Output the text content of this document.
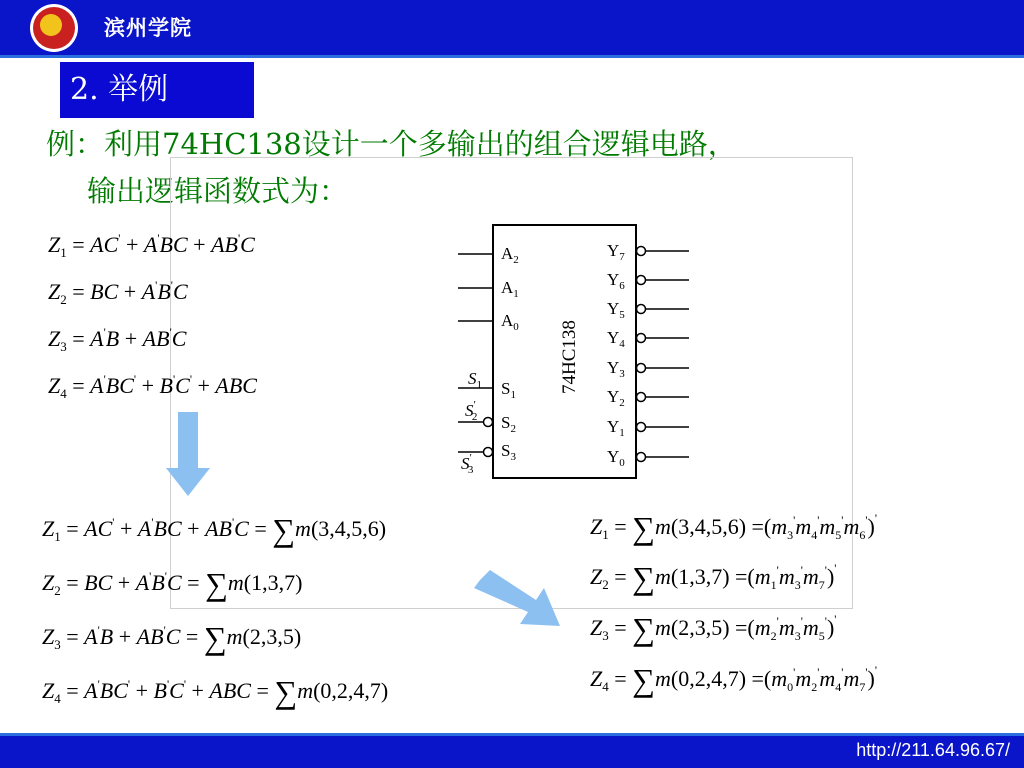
滨州学院
2. 举例
例：利用74HC138设计一个多输出的组合逻辑电路，
输出逻辑函数式为：
$Z_1 = AC' + A'BC + AB'C$
$Z_2$ = BC + A'B'C
$Z_3 = A'B + AB'C$
$Z_4 = A'BC' + B'C'$ + ABC
$A_2$
$A_1$
$A_0$
$S_1$
$S_2$
$S_3$
$Y_7$
$Y_6$
$Y_5$
$Y_4$
$Y_3$
$Y_2$
$Y_1$
$Y_0$
74HC138
$S_1$
S′ 2
S′ 3
$Z_1 = AC' + A'BC + AB'C = \sum m(3,4,5,6)$
$Z_2$ = BC + A'B'C = ∑m(1,3,7)
$Z_3 = A'B + AB'C = \sum m(2,3,5)$
$Z_4 = A'BC' + B'C'$ + ABC = ∑m(0,2,4,7)
$Z_1 = \sum m(3,4,5,6) =(m_3'm_4'm_5'm_6')'$
$Z_2 = \sum m(1,3,7) =(m_1'm_3'm_7')'$
$Z_3 = \sum m(2,3,5) =(m_2'm_3'm_5')'$
$Z_4 = \sum m(0,2,4,7) =(m_0'm_2'm_4'm_7')'$
http://211.64.96.67/
